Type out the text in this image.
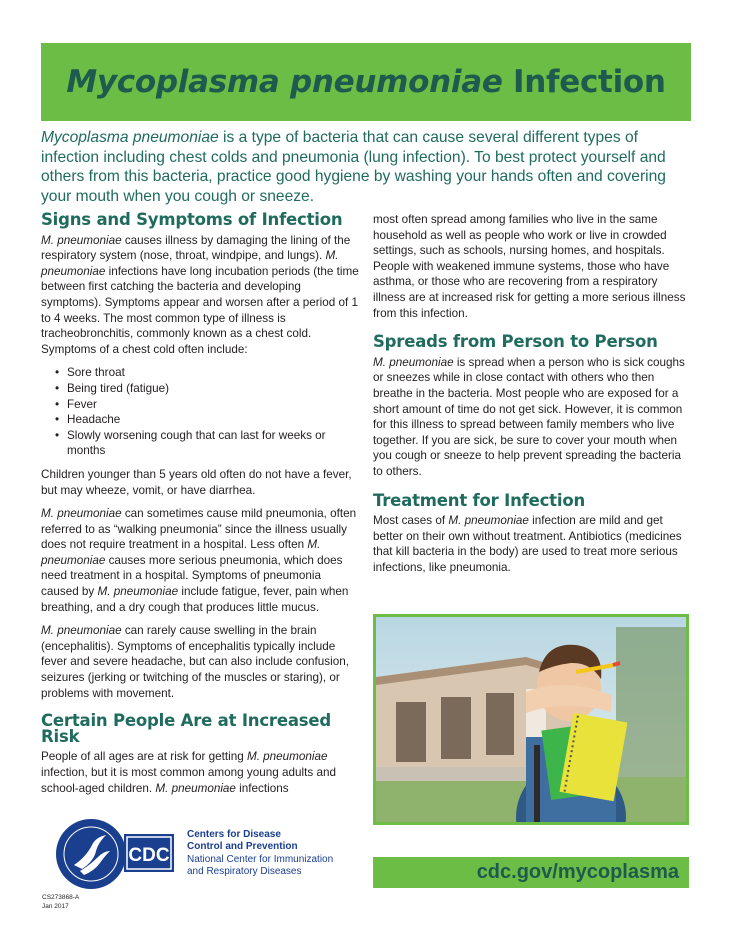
Mycoplasma pneumoniae Infection

Mycoplasma pneumoniae is a type of bacteria that can cause several different types of infection including chest colds and pneumonia (lung infection). To best protect yourself and others from this bacteria, practice good hygiene by washing your hands often and covering your mouth when you cough or sneeze.

Signs and Symptoms of Infection

M. pneumoniae causes illness by damaging the lining of the respiratory system (nose, throat, windpipe, and lungs). M. pneumoniae infections have long incubation periods (the time between first catching the bacteria and developing symptoms). Symptoms appear and worsen after a period of 1 to 4 weeks. The most common type of illness is tracheobronchitis, commonly known as a chest cold. Symptoms of a chest cold often include:

• Sore throat
• Being tired (fatigue)
• Fever
• Headache
• Slowly worsening cough that can last for weeks or months

Children younger than 5 years old often do not have a fever, but may wheeze, vomit, or have diarrhea.

M. pneumoniae can sometimes cause mild pneumonia, often referred to as “walking pneumonia” since the illness usually does not require treatment in a hospital. Less often M. pneumoniae causes more serious pneumonia, which does need treatment in a hospital. Symptoms of pneumonia caused by M. pneumoniae include fatigue, fever, pain when breathing, and a dry cough that produces little mucus.

M. pneumoniae can rarely cause swelling in the brain (encephalitis). Symptoms of encephalitis typically include fever and severe headache, but can also include confusion, seizures (jerking or twitching of the muscles or staring), or problems with movement.

Certain People Are at Increased Risk

People of all ages are at risk for getting M. pneumoniae infection, but it is most common among young adults and school-aged children. M. pneumoniae infections

most often spread among families who live in the same household as well as people who work or live in crowded settings, such as schools, nursing homes, and hospitals. People with weakened immune systems, those who have asthma, or those who are recovering from a respiratory illness are at increased risk for getting a more serious illness from this infection.

Spreads from Person to Person

M. pneumoniae is spread when a person who is sick coughs or sneezes while in close contact with others who then breathe in the bacteria. Most people who are exposed for a short amount of time do not get sick. However, it is common for this illness to spread between family members who live together. If you are sick, be sure to cover your mouth when you cough or sneeze to help prevent spreading the bacteria to others.

Treatment for Infection

Most cases of M. pneumoniae infection are mild and get better on their own without treatment. Antibiotics (medicines that kill bacteria in the body) are used to treat more serious infections, like pneumonia.

CDC
Centers for Disease
Control and Prevention
National Center for Immunization
and Respiratory Diseases	cdc.gov/mycoplasma
CS273868-A
Jan 2017
